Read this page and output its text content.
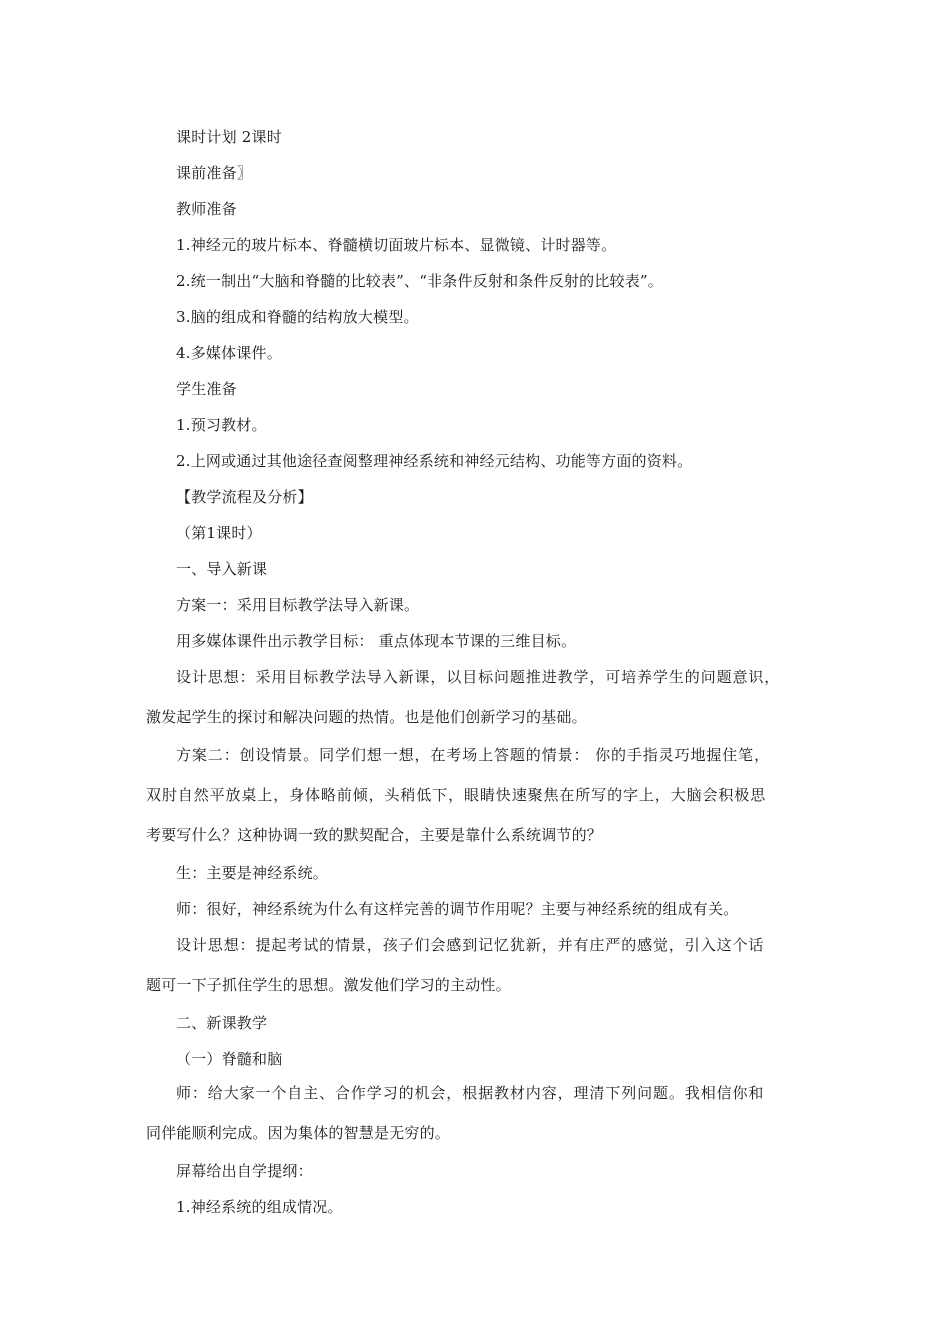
课时计划 2课时
课前准备〗
教师准备
1.神经元的玻片标本、脊髓横切面玻片标本、显微镜、计时器等。
2.统一制出“大脑和脊髓的比较表”、“非条件反射和条件反射的比较表”。
3.脑的组成和脊髓的结构放大模型。
4.多媒体课件。
学生准备
1.预习教材。
2.上网或通过其他途径查阅整理神经系统和神经元结构、功能等方面的资料。
【教学流程及分析】
（第1课时）
一、导入新课
方案一：采用目标教学法导入新课。
用多媒体课件出示教学目标： 重点体现本节课的三维目标。
设计思想：采用目标教学法导入新课，以目标问题推进教学，可培养学生的问题意识，
激发起学生的探讨和解决问题的热情。也是他们创新学习的基础。
方案二：创设情景。同学们想一想，在考场上答题的情景： 你的手指灵巧地握住笔，
双肘自然平放桌上，身体略前倾，头稍低下，眼睛快速聚焦在所写的字上，大脑会积极思
考要写什么？这种协调一致的默契配合，主要是靠什么系统调节的？
生：主要是神经系统。
师：很好，神经系统为什么有这样完善的调节作用呢？主要与神经系统的组成有关。
设计思想：提起考试的情景，孩子们会感到记忆犹新，并有庄严的感觉，引入这个话
题可一下子抓住学生的思想。激发他们学习的主动性。
二、新课教学
（一）脊髓和脑
师：给大家一个自主、合作学习的机会，根据教材内容，理清下列问题。我相信你和
同伴能顺利完成。因为集体的智慧是无穷的。
屏幕给出自学提纲：
1.神经系统的组成情况。
